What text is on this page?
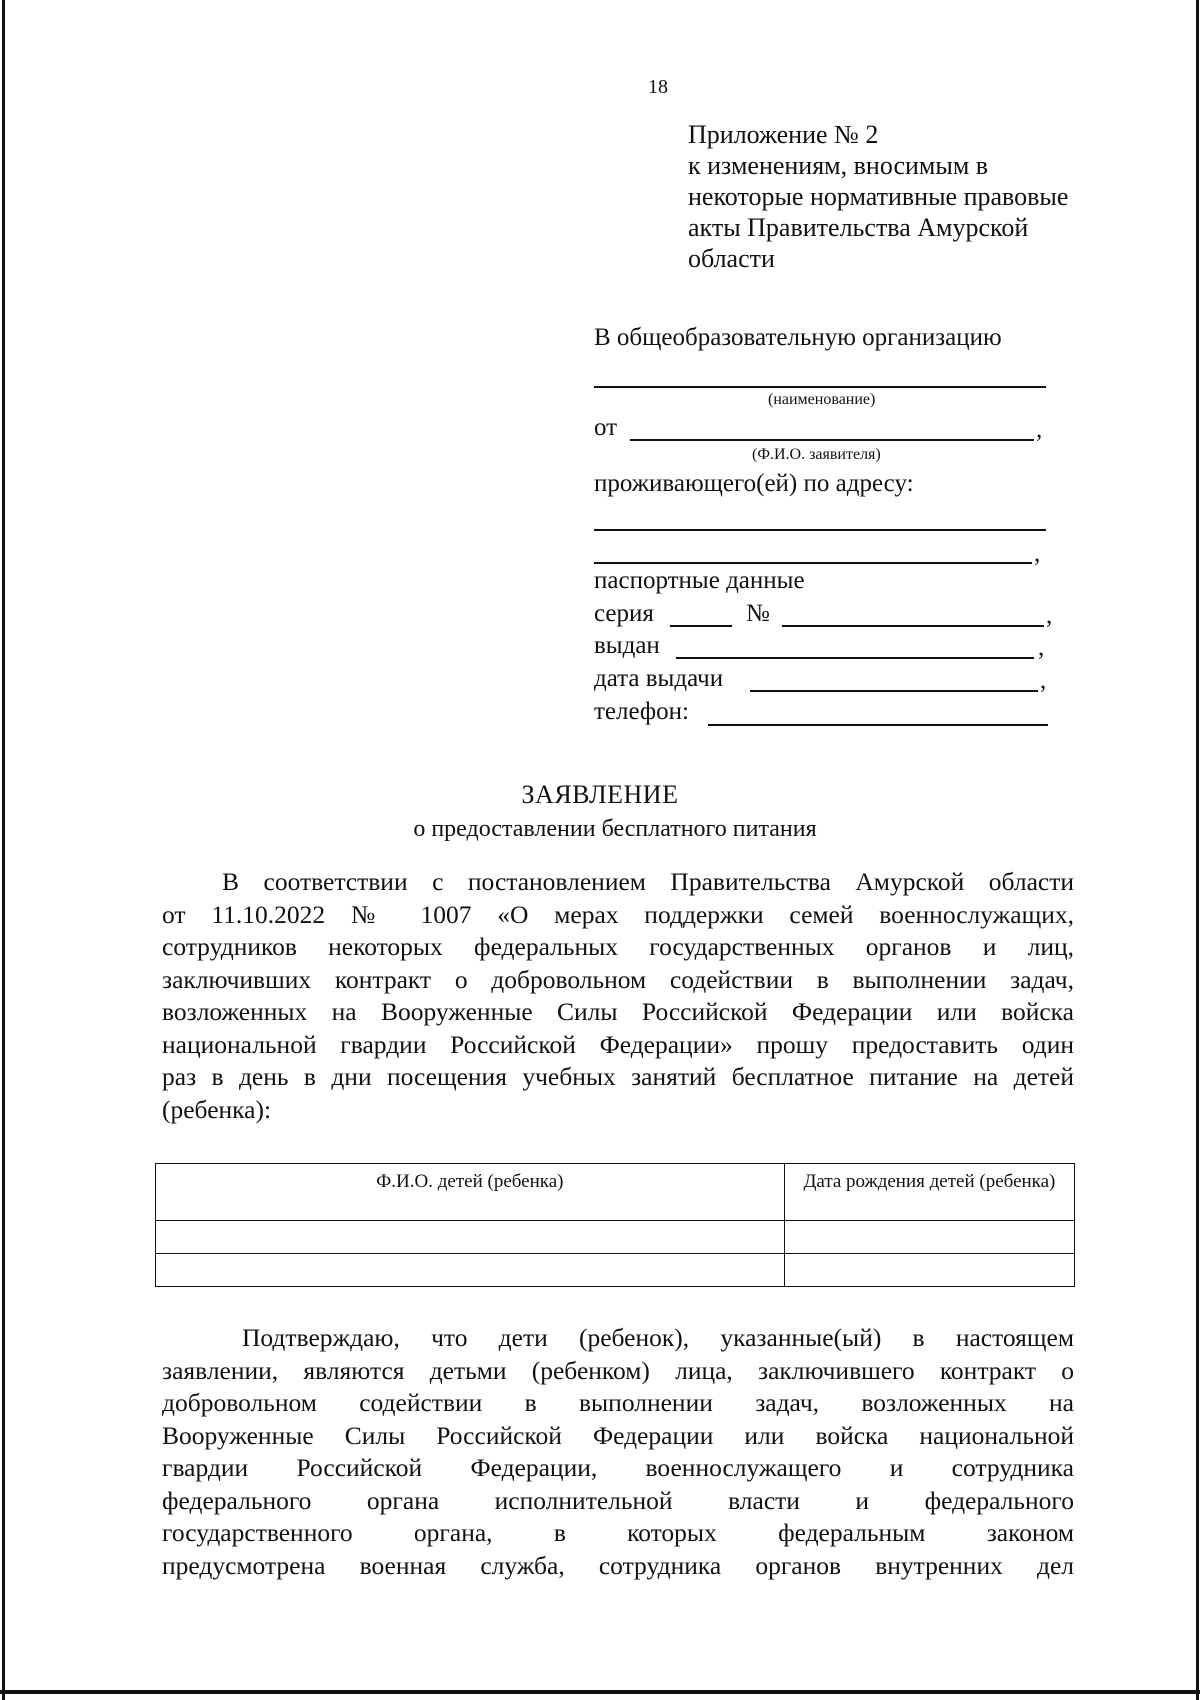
18
Приложение № 2
к изменениям, вносимым в
некоторые нормативные правовые
акты Правительства Амурской
области
В общеобразовательную организацию
(наименование)
от	,
(Ф.И.О. заявителя)
проживающего(ей) по адресу:
,
паспортные данные
серия	№	,
выдан	,
дата выдачи	,
телефон:
ЗАЯВЛЕНИЕ
о предоставлении бесплатного питания
В соответствии с постановлением Правительства Амурской области
от 11.10.2022 № 1007 «О мерах поддержки семей военнослужащих,
сотрудников некоторых федеральных государственных органов и лиц,
заключивших контракт о добровольном содействии в выполнении задач,
возложенных на Вооруженные Силы Российской Федерации или войска
национальной гвардии Российской Федерации» прошу предоставить один
раз в день в дни посещения учебных занятий бесплатное питание на детей
(ребенка):
Ф.И.О. детей (ребенка)	Дата рождения детей (ребенка)

Подтверждаю, что дети (ребенок), указанные(ый) в настоящем
заявлении, являются детьми (ребенком) лица, заключившего контракт о
добровольном содействии в выполнении задач, возложенных на
Вооруженные Силы Российской Федерации или войска национальной
гвардии Российской Федерации, военнослужащего и сотрудника
федерального органа исполнительной власти и федерального
государственного органа, в которых федеральным законом
предусмотрена военная служба, сотрудника органов внутренних дел
